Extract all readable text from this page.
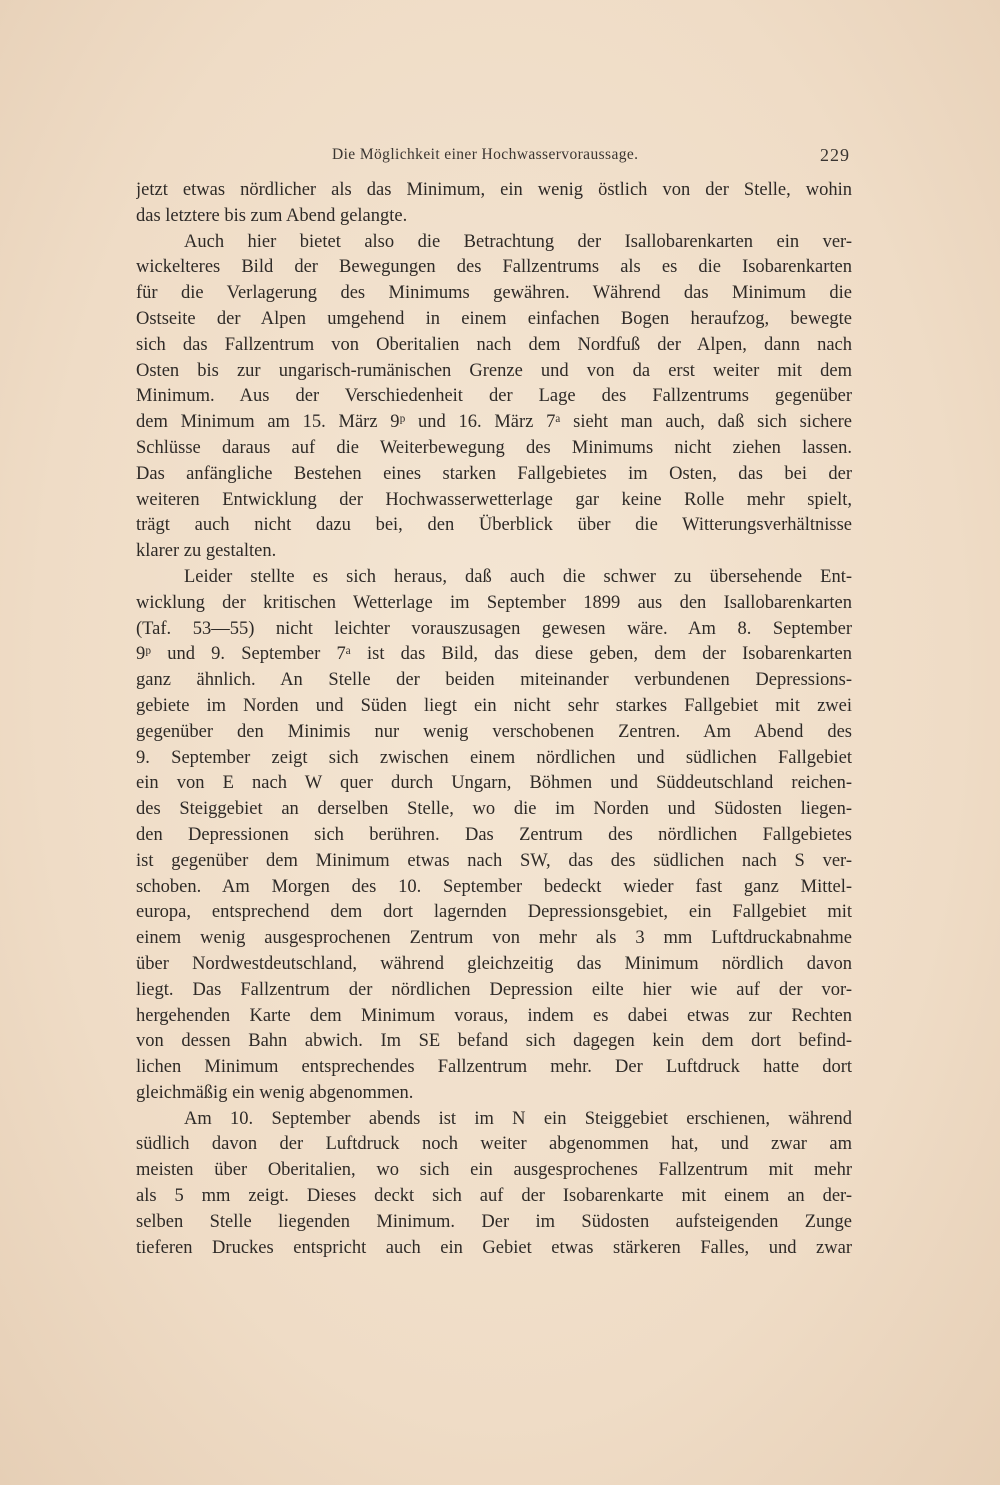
Die Möglichkeit einer Hochwasservoraussage.	229
jetzt etwas nördlicher als das Minimum, ein wenig östlich von der Stelle, wohin
das letztere bis zum Abend gelangte.
Auch hier bietet also die Betrachtung der Isallobarenkarten ein ver-
wickelteres Bild der Bewegungen des Fallzentrums als es die Isobarenkarten
für die Verlagerung des Minimums gewähren. Während das Minimum die
Ostseite der Alpen umgehend in einem einfachen Bogen heraufzog, bewegte
sich das Fallzentrum von Oberitalien nach dem Nordfuß der Alpen, dann nach
Osten bis zur ungarisch-rumänischen Grenze und von da erst weiter mit dem
Minimum. Aus der Verschiedenheit der Lage des Fallzentrums gegenüber
dem Minimum am 15. März 9ᵖ und 16. März 7ᵃ sieht man auch, daß sich sichere
Schlüsse daraus auf die Weiterbewegung des Minimums nicht ziehen lassen.
Das anfängliche Bestehen eines starken Fallgebietes im Osten, das bei der
weiteren Entwicklung der Hochwasserwetterlage gar keine Rolle mehr spielt,
trägt auch nicht dazu bei, den Überblick über die Witterungsverhältnisse
klarer zu gestalten.
Leider stellte es sich heraus, daß auch die schwer zu übersehende Ent-
wicklung der kritischen Wetterlage im September 1899 aus den Isallobarenkarten
(Taf. 53—55) nicht leichter vorauszusagen gewesen wäre. Am 8. September
9ᵖ und 9. September 7ᵃ ist das Bild, das diese geben, dem der Isobarenkarten
ganz ähnlich. An Stelle der beiden miteinander verbundenen Depressions-
gebiete im Norden und Süden liegt ein nicht sehr starkes Fallgebiet mit zwei
gegenüber den Minimis nur wenig verschobenen Zentren. Am Abend des
9. September zeigt sich zwischen einem nördlichen und südlichen Fallgebiet
ein von E nach W quer durch Ungarn, Böhmen und Süddeutschland reichen-
des Steiggebiet an derselben Stelle, wo die im Norden und Südosten liegen-
den Depressionen sich berühren. Das Zentrum des nördlichen Fallgebietes
ist gegenüber dem Minimum etwas nach SW, das des südlichen nach S ver-
schoben. Am Morgen des 10. September bedeckt wieder fast ganz Mittel-
europa, entsprechend dem dort lagernden Depressionsgebiet, ein Fallgebiet mit
einem wenig ausgesprochenen Zentrum von mehr als 3 mm Luftdruckabnahme
über Nordwestdeutschland, während gleichzeitig das Minimum nördlich davon
liegt. Das Fallzentrum der nördlichen Depression eilte hier wie auf der vor-
hergehenden Karte dem Minimum voraus, indem es dabei etwas zur Rechten
von dessen Bahn abwich. Im SE befand sich dagegen kein dem dort befind-
lichen Minimum entsprechendes Fallzentrum mehr. Der Luftdruck hatte dort
gleichmäßig ein wenig abgenommen.
Am 10. September abends ist im N ein Steiggebiet erschienen, während
südlich davon der Luftdruck noch weiter abgenommen hat, und zwar am
meisten über Oberitalien, wo sich ein ausgesprochenes Fallzentrum mit mehr
als 5 mm zeigt. Dieses deckt sich auf der Isobarenkarte mit einem an der-
selben Stelle liegenden Minimum. Der im Südosten aufsteigenden Zunge
tieferen Druckes entspricht auch ein Gebiet etwas stärkeren Falles, und zwar
